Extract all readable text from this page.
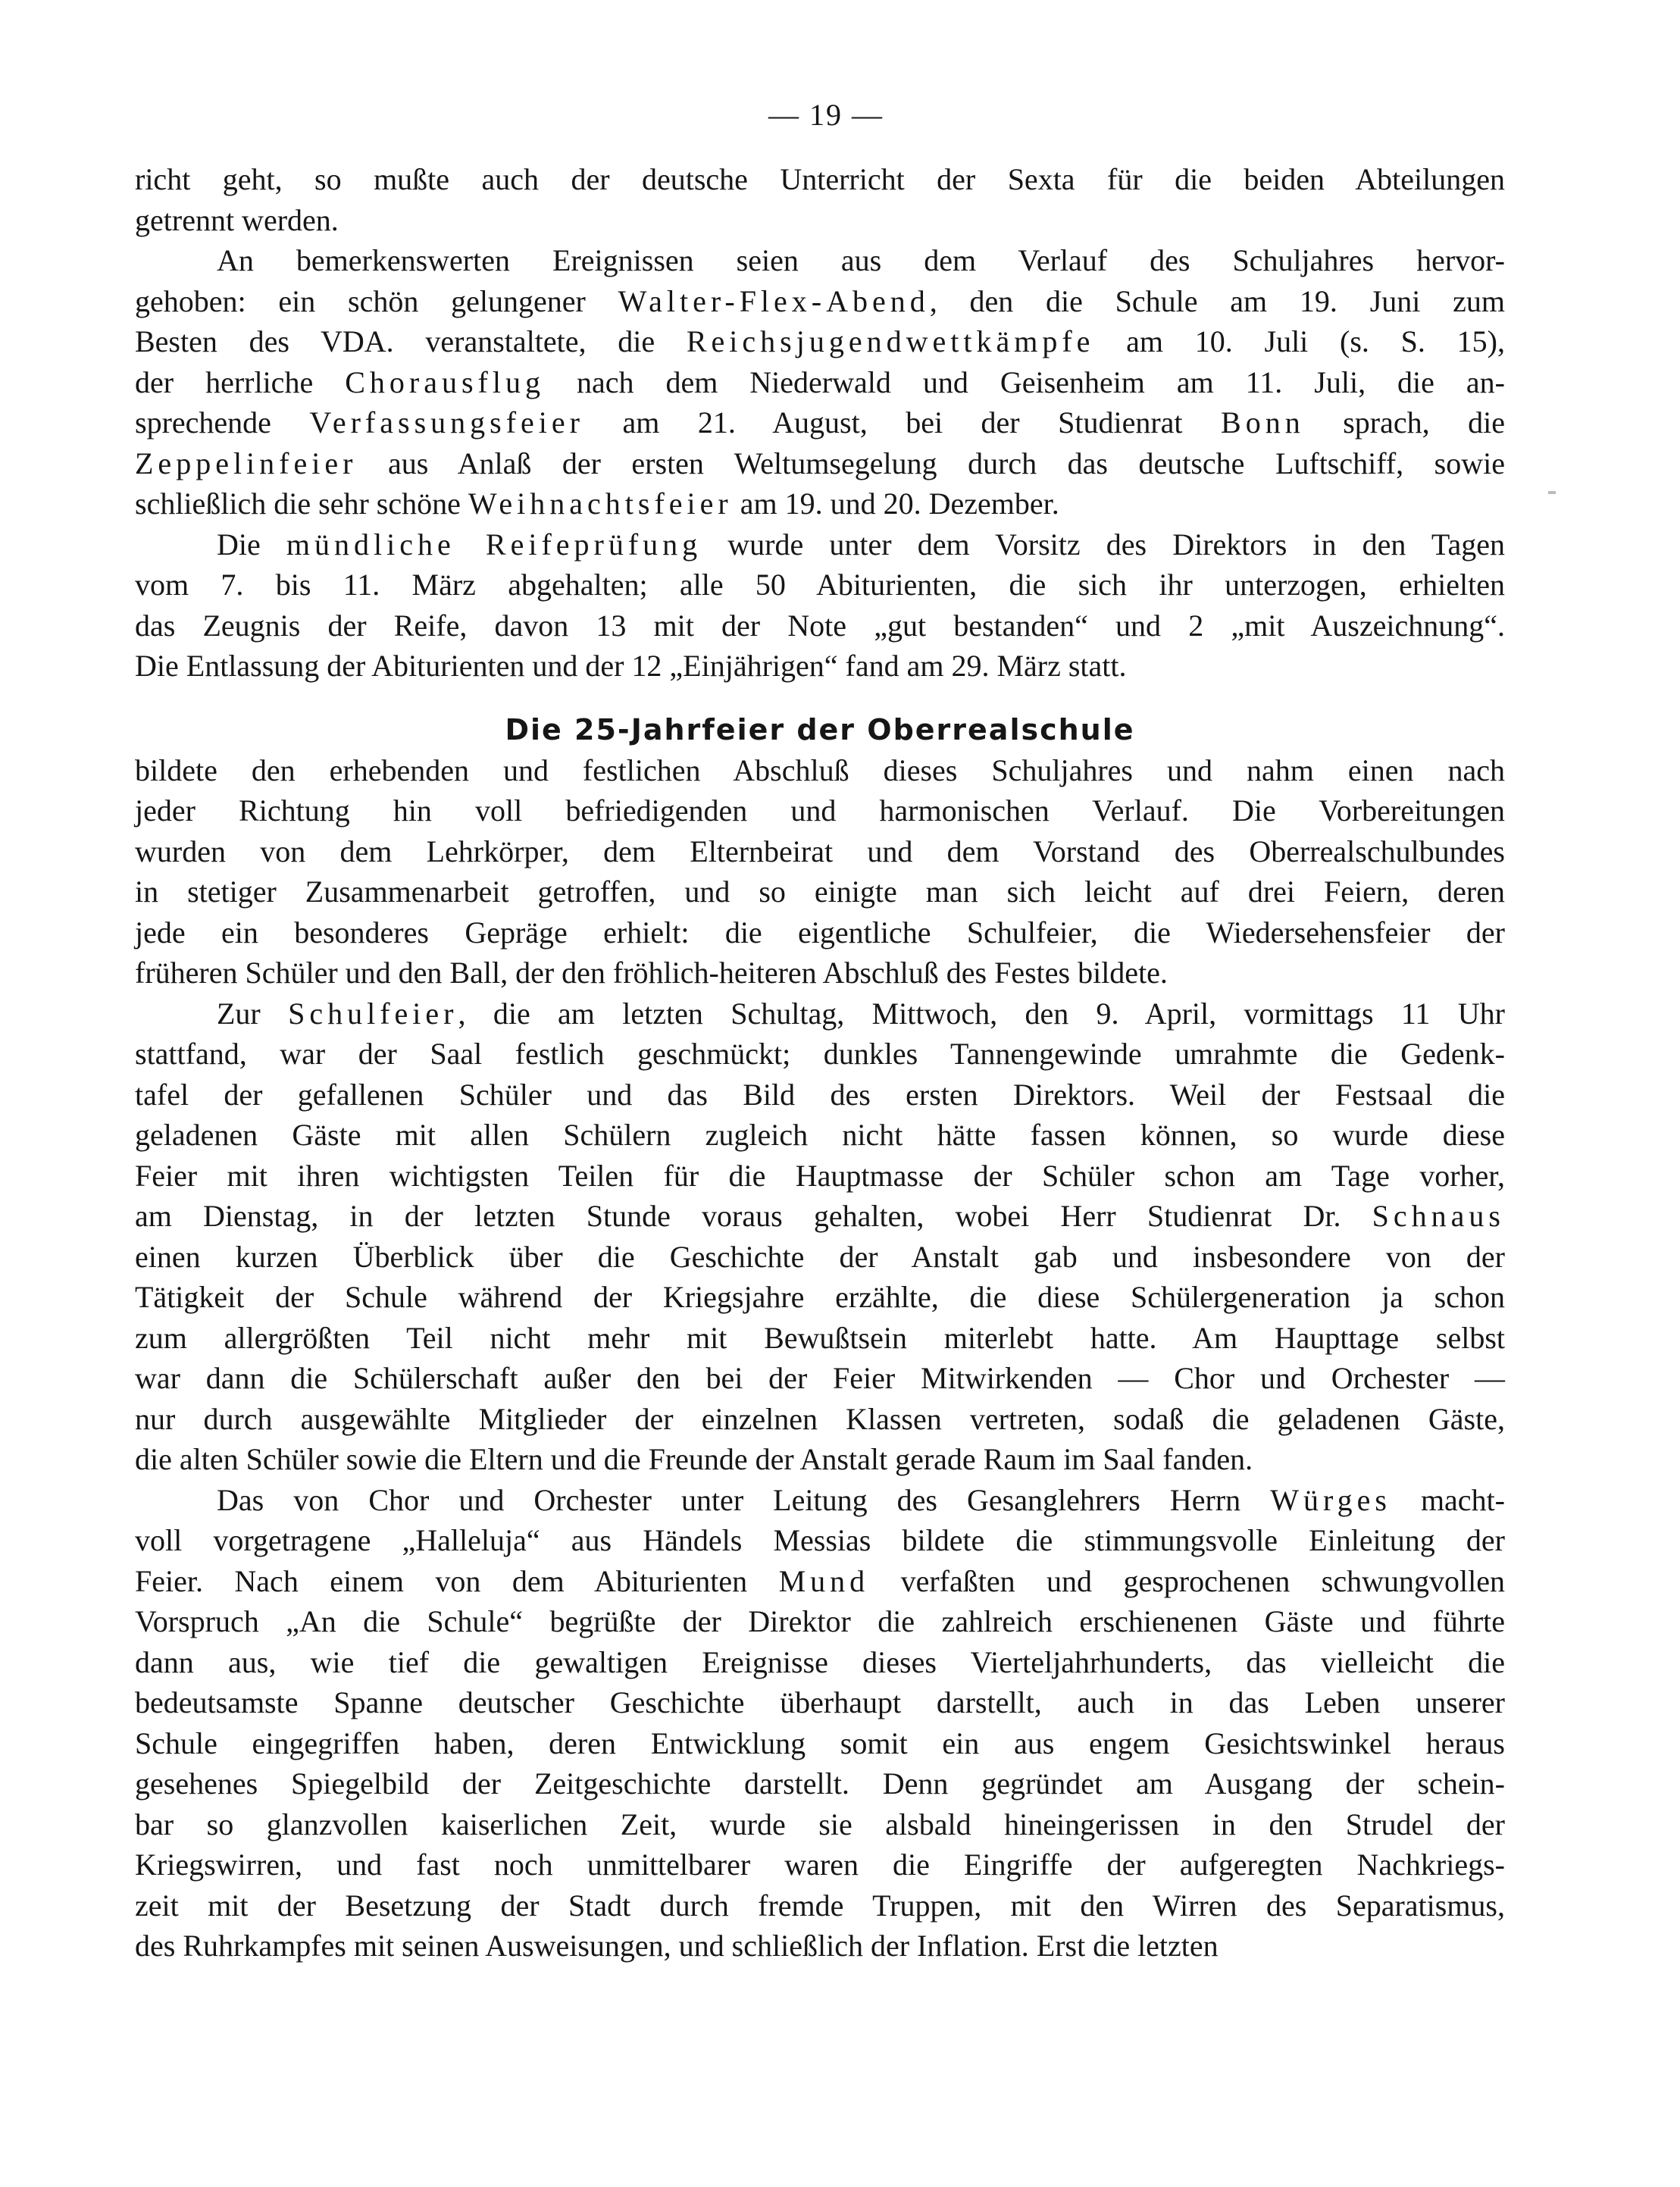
— 19 —

richt geht, so mußte auch der deutsche Unterricht der Sexta für die beiden Abteilungen
getrennt werden.

An bemerkenswerten Ereignissen seien aus dem Verlauf des Schuljahres hervor-
gehoben: ein schön gelungener Walter-Flex-Abend, den die Schule am 19. Juni zum
Besten des VDA. veranstaltete, die Reichsjugendwettkämpfe am 10. Juli (s. S. 15),
der herrliche Chorausflug nach dem Niederwald und Geisenheim am 11. Juli, die an-
sprechende Verfassungsfeier am 21. August, bei der Studienrat Bonn sprach, die
Zeppelinfeier aus Anlaß der ersten Weltumsegelung durch das deutsche Luftschiff, sowie
schließlich die sehr schöne Weihnachtsfeier am 19. und 20. Dezember.

Die mündliche Reifeprüfung wurde unter dem Vorsitz des Direktors in den Tagen
vom 7. bis 11. März abgehalten; alle 50 Abiturienten, die sich ihr unterzogen, erhielten
das Zeugnis der Reife, davon 13 mit der Note „gut bestanden“ und 2 „mit Auszeichnung“.
Die Entlassung der Abiturienten und der 12 „Einjährigen“ fand am 29. März statt.

Die 25-Jahrfeier der Oberrealschule

bildete den erhebenden und festlichen Abschluß dieses Schuljahres und nahm einen nach
jeder Richtung hin voll befriedigenden und harmonischen Verlauf. Die Vorbereitungen
wurden von dem Lehrkörper, dem Elternbeirat und dem Vorstand des Oberrealschulbundes
in stetiger Zusammenarbeit getroffen, und so einigte man sich leicht auf drei Feiern, deren
jede ein besonderes Gepräge erhielt: die eigentliche Schulfeier, die Wiedersehensfeier der
früheren Schüler und den Ball, der den fröhlich-heiteren Abschluß des Festes bildete.

Zur Schulfeier, die am letzten Schultag, Mittwoch, den 9. April, vormittags 11 Uhr
stattfand, war der Saal festlich geschmückt; dunkles Tannengewinde umrahmte die Gedenk-
tafel der gefallenen Schüler und das Bild des ersten Direktors. Weil der Festsaal die
geladenen Gäste mit allen Schülern zugleich nicht hätte fassen können, so wurde diese
Feier mit ihren wichtigsten Teilen für die Hauptmasse der Schüler schon am Tage vorher,
am Dienstag, in der letzten Stunde voraus gehalten, wobei Herr Studienrat Dr. Schnaus
einen kurzen Überblick über die Geschichte der Anstalt gab und insbesondere von der
Tätigkeit der Schule während der Kriegsjahre erzählte, die diese Schülergeneration ja schon
zum allergrößten Teil nicht mehr mit Bewußtsein miterlebt hatte. Am Haupttage selbst
war dann die Schülerschaft außer den bei der Feier Mitwirkenden — Chor und Orchester —
nur durch ausgewählte Mitglieder der einzelnen Klassen vertreten, sodaß die geladenen Gäste,
die alten Schüler sowie die Eltern und die Freunde der Anstalt gerade Raum im Saal fanden.

Das von Chor und Orchester unter Leitung des Gesanglehrers Herrn Würges macht-
voll vorgetragene „Halleluja“ aus Händels Messias bildete die stimmungsvolle Einleitung der
Feier. Nach einem von dem Abiturienten Mund verfaßten und gesprochenen schwungvollen
Vorspruch „An die Schule“ begrüßte der Direktor die zahlreich erschienenen Gäste und führte
dann aus, wie tief die gewaltigen Ereignisse dieses Vierteljahrhunderts, das vielleicht die
bedeutsamste Spanne deutscher Geschichte überhaupt darstellt, auch in das Leben unserer
Schule eingegriffen haben, deren Entwicklung somit ein aus engem Gesichtswinkel heraus
gesehenes Spiegelbild der Zeitgeschichte darstellt. Denn gegründet am Ausgang der schein-
bar so glanzvollen kaiserlichen Zeit, wurde sie alsbald hineingerissen in den Strudel der
Kriegswirren, und fast noch unmittelbarer waren die Eingriffe der aufgeregten Nachkriegs-
zeit mit der Besetzung der Stadt durch fremde Truppen, mit den Wirren des Separatismus,
des Ruhrkampfes mit seinen Ausweisungen, und schließlich der Inflation. Erst die letzten
